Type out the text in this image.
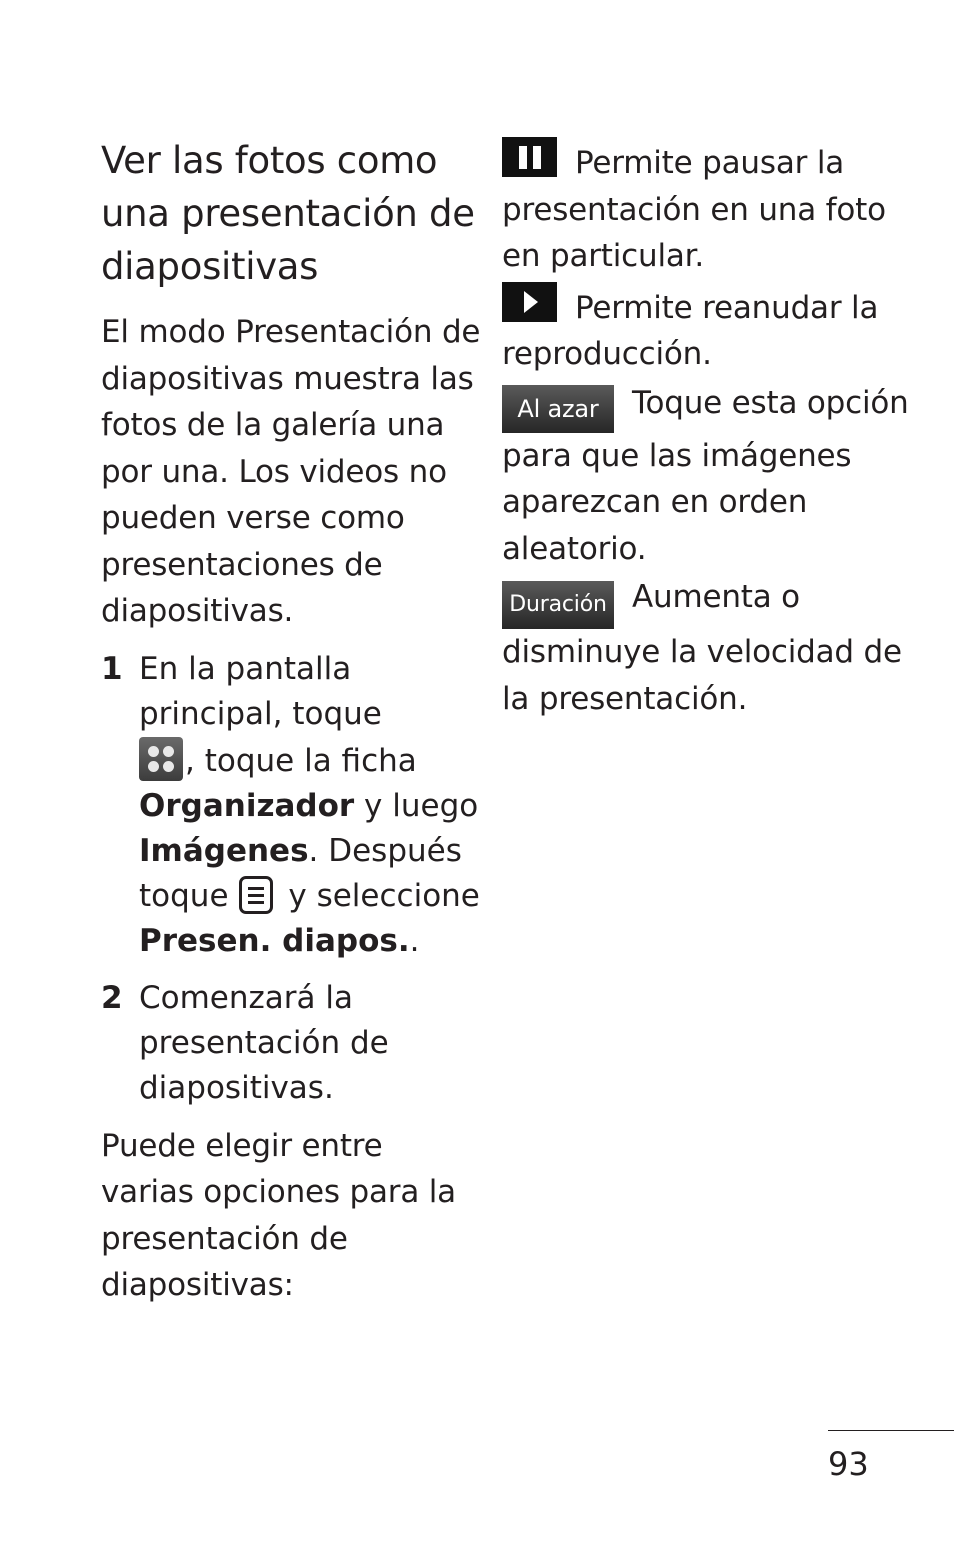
Ver las fotos como una presentación de diapositivas

El modo Presentación de diapositivas muestra las fotos de la galería una por una. Los videos no pueden verse como presentaciones de diapositivas.

1 En la pantalla principal, toque

, toque la ficha
Organizador y luego
Imágenes. Después toque
y seleccione
Presen. diapos..
2 Comenzará la presentación de diapositivas.

Puede elegir entre varias opciones para la presentación de diapositivas:

Permite pausar la presentación en una foto en particular.

Permite reanudar la reproducción.

Al azar Toque esta opción para que las imágenes aparezcan en orden aleatorio.

Duración Aumenta o disminuye la velocidad de la presentación.

93
